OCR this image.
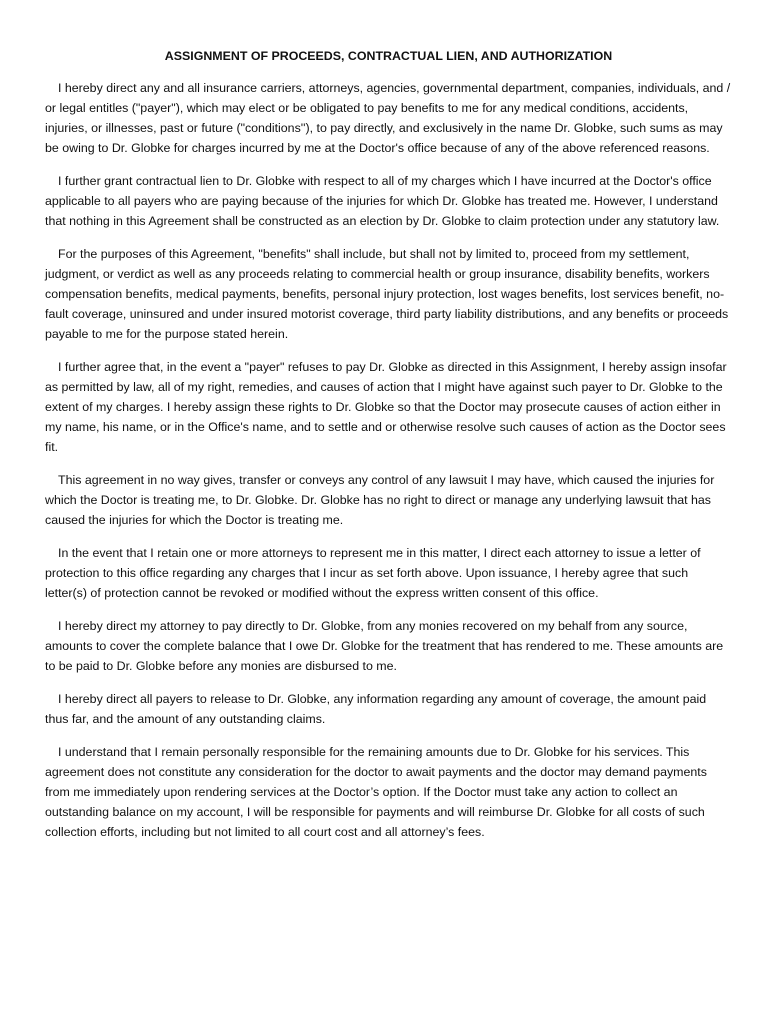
ASSIGNMENT OF PROCEEDS, CONTRACTUAL LIEN, AND AUTHORIZATION

I hereby direct any and all insurance carriers, attorneys, agencies, governmental department, companies, individuals, and / or legal entitles ("payer"), which may elect or be obligated to pay benefits to me for any medical conditions, accidents, injuries, or illnesses, past or future ("conditions''), to pay directly, and exclusively in the name Dr. Globke, such sums as may be owing to Dr. Globke for charges incurred by me at the Doctor's office because of any of the above referenced reasons.

I further grant contractual lien to Dr. Globke with respect to all of my charges which I have incurred at the Doctor's office applicable to all payers who are paying because of the injuries for which Dr. Globke has treated me. However, I understand that nothing in this Agreement shall be constructed as an election by Dr. Globke to claim protection under any statutory law.

For the purposes of this Agreement, "benefits" shall include, but shall not by limited to, proceed from my settlement, judgment, or verdict as well as any proceeds relating to commercial health or group insurance, disability benefits, workers compensation benefits, medical payments, benefits, personal injury protection, lost wages benefits, lost services benefit, no-fault coverage, uninsured and under insured motorist coverage, third party liability distributions, and any benefits or proceeds payable to me for the purpose stated herein.

I further agree that, in the event a "payer" refuses to pay Dr. Globke as directed in this Assignment, I hereby assign insofar as permitted by law, all of my right, remedies, and causes of action that I might have against such payer to Dr. Globke to the extent of my charges. I hereby assign these rights to Dr. Globke so that the Doctor may prosecute causes of action either in my name, his name, or in the Office's name, and to settle and or otherwise resolve such causes of action as the Doctor sees fit.

This agreement in no way gives, transfer or conveys any control of any lawsuit I may have, which caused the injuries for which the Doctor is treating me, to Dr. Globke. Dr. Globke has no right to direct or manage any underlying lawsuit that has caused the injuries for which the Doctor is treating me.

In the event that I retain one or more attorneys to represent me in this matter, I direct each attorney to issue a letter of protection to this office regarding any charges that I incur as set forth above. Upon issuance, I hereby agree that such letter(s) of protection cannot be revoked or modified without the express written consent of this office.

I hereby direct my attorney to pay directly to Dr. Globke, from any monies recovered on my behalf from any source, amounts to cover the complete balance that I owe Dr. Globke for the treatment that has rendered to me. These amounts are to be paid to Dr. Globke before any monies are disbursed to me.

I hereby direct all payers to release to Dr. Globke, any information regarding any amount of coverage, the amount paid thus far, and the amount of any outstanding claims.

I understand that I remain personally responsible for the remaining amounts due to Dr. Globke for his services. This agreement does not constitute any consideration for the doctor to await payments and the doctor may demand payments from me immediately upon rendering services at the Doctor’s option. If the Doctor must take any action to collect an outstanding balance on my account, I will be responsible for payments and will reimburse Dr. Globke for all costs of such collection efforts, including but not limited to all court cost and all attorney’s fees.
